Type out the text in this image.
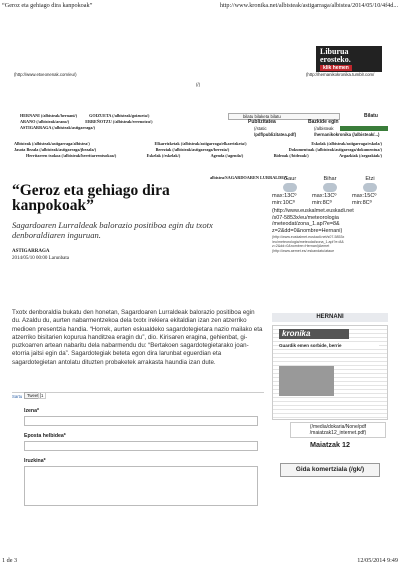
“Geroz eta gehiago dira kanpokoak”	http://www.kronika.net/albisteak/astigarraga/albistea/2014/05/10/4f4d...
(http://www.etxeonenak.com/eu/)	(http://hernanikokronika.tumblr.com/
(/)
Liburua
erosteko.
klik hemen
HERNANI (/albisteak/hernani/)	GOIZUETA (/albisteak/goizueta/)
ARANO (/albisteak/arano/)	ERREÑOTZU (/albisteak/errenotzu/)
ASTIGARRAGA (/albisteak/astigarraga/)
Albisteak (/albisteak/astigarraga/albistea/)	Elkarrizketak (/albisteak/astigarraga/elkarrizketa/)	Eskolak (/albisteak/astigarraga/eskola/)
Jasota Bezala (/albisteak/astigarraga/jbezala/)	Bereziak (/albisteak/astigarraga/berezia/)	Dokumentuak (/albisteak/astigarraga/dokumentua/)
Herritarren txokoa (/albisteak/herritarrentxokoa/)	Eskelak (/eskelak/)	Agenda (/agenda/)	Bideoak (/bideoak/)	Argazkiak (/argazkiak/)
bilatu bilaketa bilatu	Bilatu
Publizitatea	Bazkide egin
(/static	(/albisteak
/pdf/publizitatea.pdf)	/hernanikokronika (/albisteak/...)
albistea/SAGARDOAREN LURRALDEA
“Geroz eta gehiago dira kanpokoak”
Sagardoaren Lurraldeak balorazio positiboa egin du txotx denboraldiaren inguruan.
ASTIGARRAGA
2014/05/10 00:00 Larunbata
Txotx denboraldia bukatu den honetan, Sagardoaren Lurraldeak balorazio positiboa egin du. Azaldu du, aurten nabarmentzekoa dela txotx irekiera ekitaldian izan zen atzerriko medioen presentzia handia. “Horrek, aurten eskualdeko sagardotegietara nazio mailako eta atzerriko bisitarien kopurua handitzea eragin du”, dio. Kirisaren eragina, gehienbat, gi-puzkoarren artean nabaritu dela nabarmendu du: “Bertakoen sagardotegietarako joan-etorria jaitsi egin da”. Sagardotegiak beteta egon dira larunbat eguerdian eta sagardotegietan antolatu dituzten probaketek arrakasta haundia izan dute.
Gaur
max:13Cº
min:10Cº
Bihar
max:13Cº
min:8Cº
Etzi
max:15Cº
min:8Cº
(http://www.euskalmet.euskadi.net
/s07-5853x/eu/meteorologia
/meteodat/zona_1.apl?e=8&
z=2&dd=0&nombre=Hernani)
(http://www.euskalmet.euskadi.net/s07-5853x
/eu/meteorologia/meteodat/zona_1.apl?e=8&
z=2&dd=0&nombre=Hernani)Aemet
(http://www.aemet.es/.eskandatu/ataue
HERNANI
kronika
Guardik emen sorbide, berrie
(/media/dokaria/None/pdf
/maiatzak12_internet.pdf)
Maiatzak 12
Gida komertziala (/gk/)
Sartu	Tweet 1
Izena*
Eposta helbidea*
Iruzkina*
1 de 3	12/05/2014 9:49
